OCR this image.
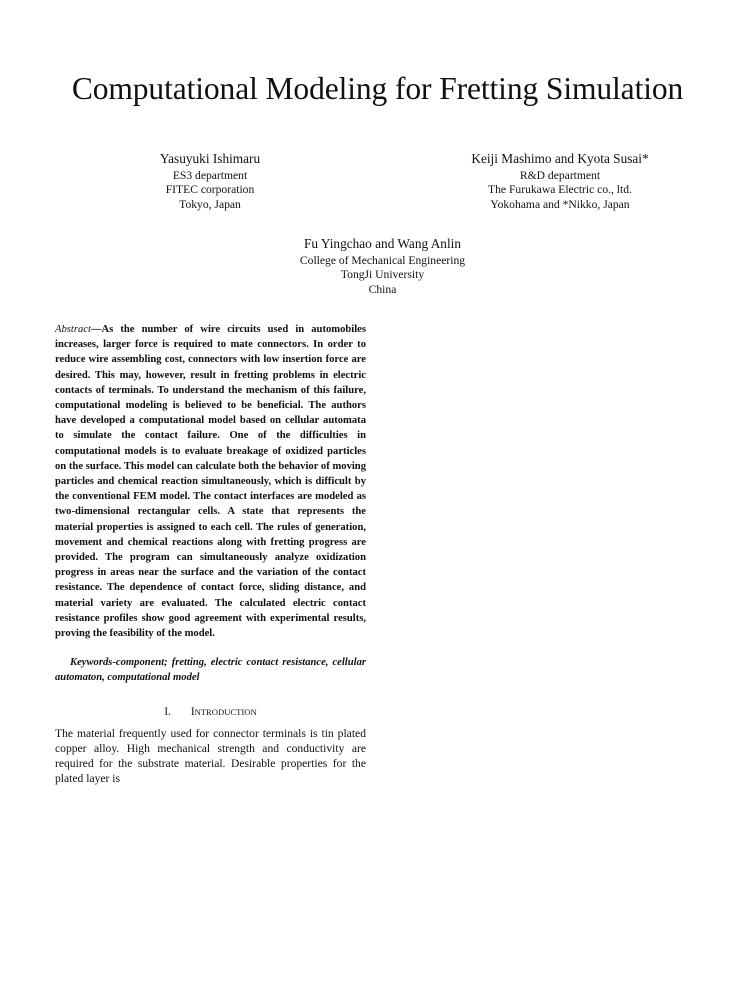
Computational Modeling for Fretting Simulation
Yasuyuki Ishimaru
ES3 department
FITEC corporation
Tokyo, Japan
Keiji Mashimo and Kyota Susai*
R&D department
The Furukawa Electric co., ltd.
Yokohama and *Nikko, Japan
Fu Yingchao and Wang Anlin
College of Mechanical Engineering
TongJi University
China

Abstract—As the number of wire circuits used in automobiles increases, larger force is required to mate connectors. In order to reduce wire assembling cost, connectors with low insertion force are desired. This may, however, result in fretting problems in electric contacts of terminals. To understand the mechanism of this failure, computational modeling is believed to be beneficial. The authors have developed a computational model based on cellular automata to simulate the contact failure. One of the difficulties in computational models is to evaluate breakage of oxidized particles on the surface. This model can calculate both the behavior of moving particles and chemical reaction simultaneously, which is difficult by the conventional FEM model. The contact interfaces are modeled as two-dimensional rectangular cells. A state that represents the material properties is assigned to each cell. The rules of generation, movement and chemical reactions along with fretting progress are provided. The program can simultaneously analyze oxidization progress in areas near the surface and the variation of the contact resistance. The dependence of contact force, sliding distance, and material variety are evaluated. The calculated electric contact resistance profiles show good agreement with experimental results, proving the feasibility of the model.

Keywords-component; fretting, electric contact resistance, cellular automaton, computational model

I. INTRODUCTION

The material frequently used for connector terminals is tin plated copper alloy. High mechanical strength and conductivity are required for the substrate material. Desirable properties for the plated layer is
